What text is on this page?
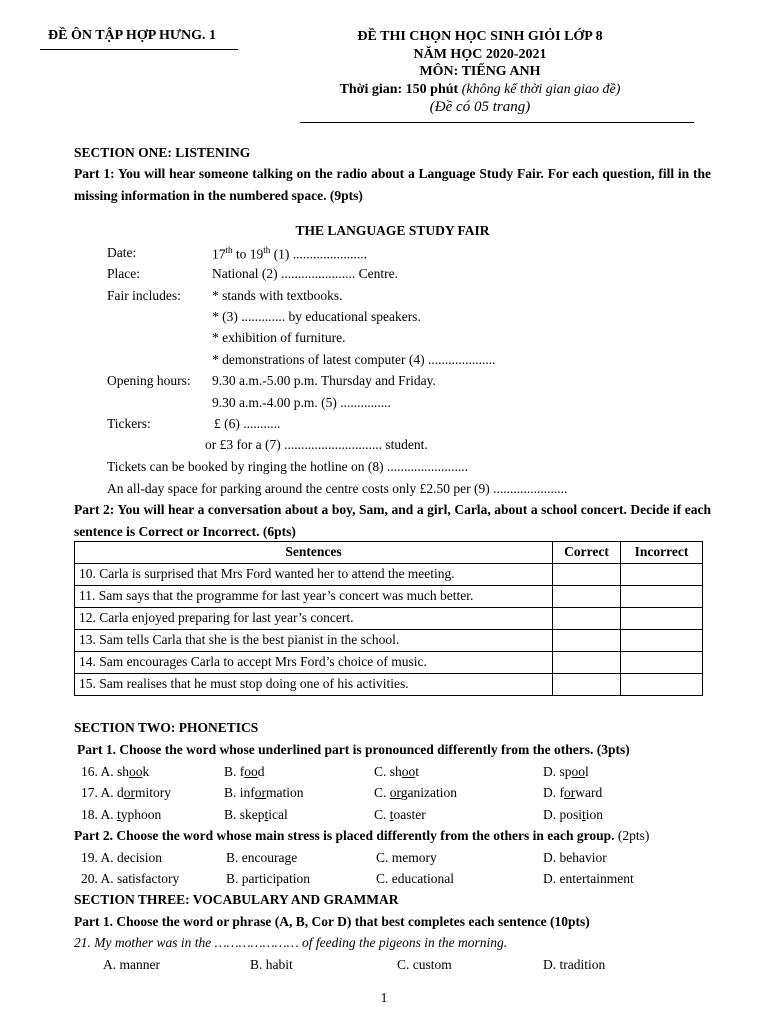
ĐỀ ÔN TẬP HỢP HƯNG. 1	ĐỀ THI CHỌN HỌC SINH GIỎI LỚP 8
NĂM HỌC 2020-2021
MÔN: TIẾNG ANH
Thời gian: 150 phút (không kể thời gian giao đề)
(Đề có 05 trang)
SECTION ONE: LISTENING
Part 1: You will hear someone talking on the radio about a Language Study Fair. For each question, fill in the missing information in the numbered space. (9pts)
THE LANGUAGE STUDY FAIR
Date:	17th to 19th (1) ......................
Place:	National (2) ...................... Centre.
Fair includes: * stands with textbooks.
* (3) ............. by educational speakers.
* exhibition of furniture.
* demonstrations of latest computer (4) ....................
Opening hours: 9.30 a.m.-5.00 p.m. Thursday and Friday.
9.30 a.m.-4.00 p.m. (5) ...............
Tickers:	£ (6) ...........
or £3 for a (7) ............................. student.
Tickets can be booked by ringing the hotline on (8) ........................
An all-day space for parking around the centre costs only £2.50 per (9) ......................
Part 2: You will hear a conversation about a boy, Sam, and a girl, Carla, about a school concert. Decide if each sentence is Correct or Incorrect. (6pts)
Sentences	Correct	Incorrect
10. Carla is surprised that Mrs Ford wanted her to attend the meeting.		
11. Sam says that the programme for last year’s concert was much better.		
12. Carla enjoyed preparing for last year’s concert.		
13. Sam tells Carla that she is the best pianist in the school.		
14. Sam encourages Carla to accept Mrs Ford’s choice of music.		
15. Sam realises that he must stop doing one of his activities.		
SECTION TWO: PHONETICS
Part 1. Choose the word whose underlined part is pronounced differently from the others. (3pts)
16. A. shook	B. food	C. shoot	D. spool
17. A. dormitory	B. information	C. organization	D. forward
18. A. typhoon	B. skeptical	C. toaster	D. position
Part 2. Choose the word whose main stress is placed differently from the others in each group. (2pts)
19. A. decision	B. encourage	C. memory	D. behavior
20. A. satisfactory	B. participation	C. educational	D. entertainment
SECTION THREE: VOCABULARY AND GRAMMAR
Part 1. Choose the word or phrase (A, B, Cor D) that best completes each sentence (10pts)
21. My mother was in the ………………… of feeding the pigeons in the morning.
A. manner	B. habit	C. custom	D. tradition
1
